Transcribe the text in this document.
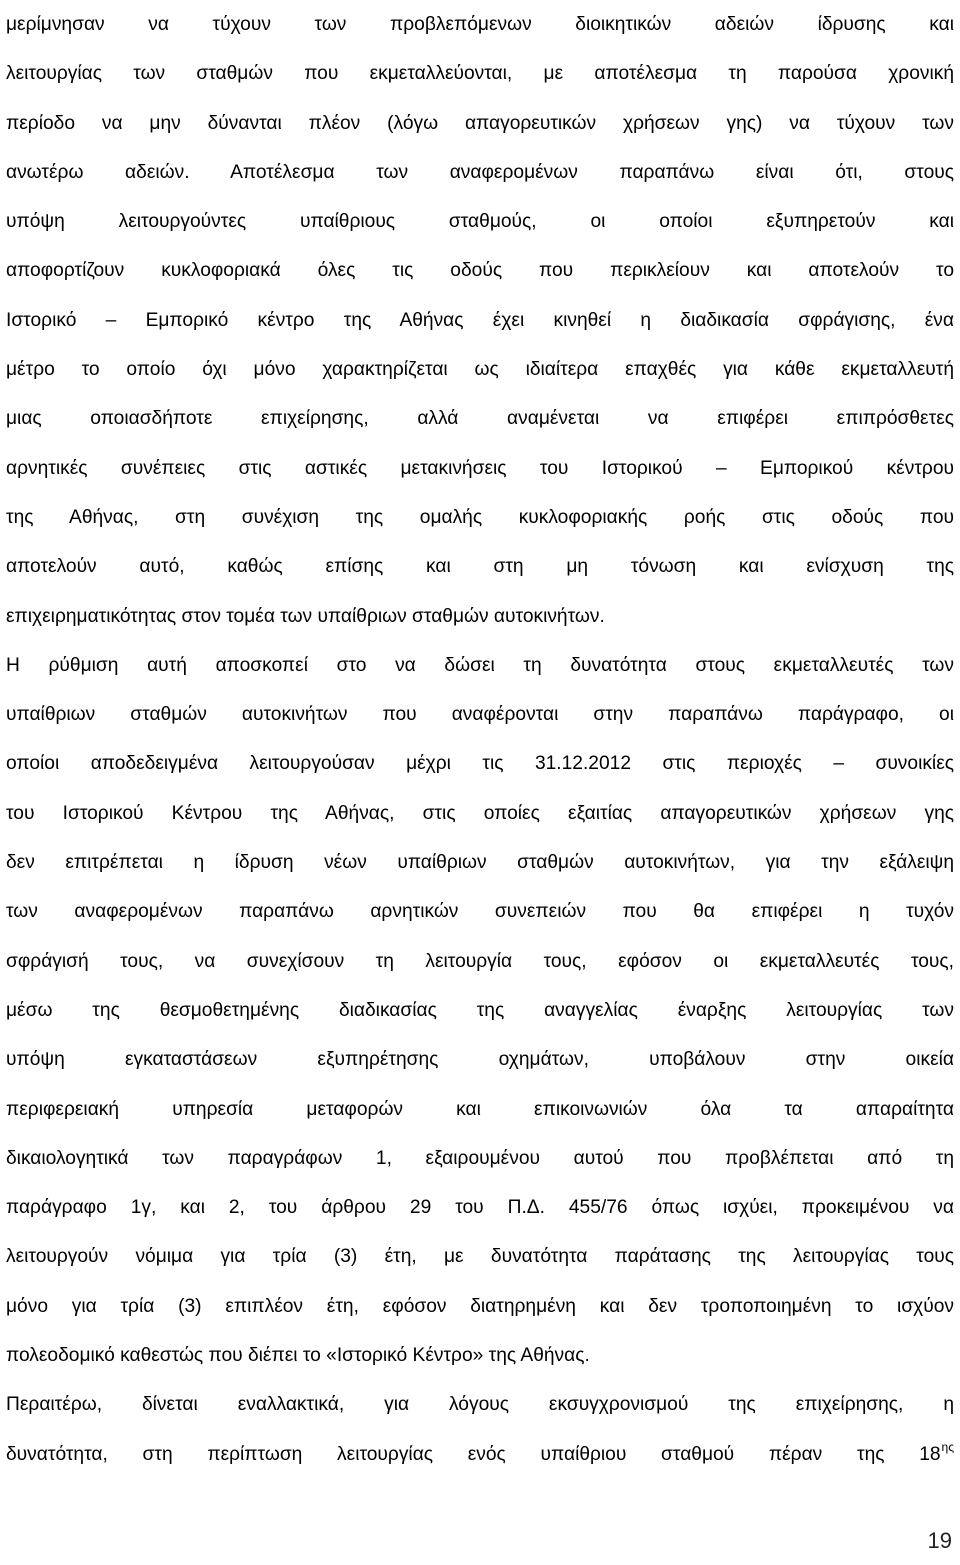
μερίμνησαν να τύχουν των προβλεπόμενων διοικητικών αδειών ίδρυσης και
λειτουργίας των σταθμών που εκμεταλλεύονται, με αποτέλεσμα τη παρούσα χρονική
περίοδο να μην δύνανται πλέον (λόγω απαγορευτικών χρήσεων γης) να τύχουν των
ανωτέρω αδειών. Αποτέλεσμα των αναφερομένων παραπάνω είναι ότι, στους
υπόψη λειτουργούντες υπαίθριους σταθμούς, οι οποίοι εξυπηρετούν και
αποφορτίζουν κυκλοφοριακά όλες τις οδούς που περικλείουν και αποτελούν το
Ιστορικό – Εμπορικό κέντρο της Αθήνας έχει κινηθεί η διαδικασία σφράγισης, ένα
μέτρο το οποίο όχι μόνο χαρακτηρίζεται ως ιδιαίτερα επαχθές για κάθε εκμεταλλευτή
μιας οποιασδήποτε επιχείρησης, αλλά αναμένεται να επιφέρει επιπρόσθετες
αρνητικές συνέπειες στις αστικές μετακινήσεις του Ιστορικού – Εμπορικού κέντρου
της Αθήνας, στη συνέχιση της ομαλής κυκλοφοριακής ροής στις οδούς που
αποτελούν αυτό, καθώς επίσης και στη μη τόνωση και ενίσχυση της
επιχειρηματικότητας στον τομέα των υπαίθριων σταθμών αυτοκινήτων.
Η ρύθμιση αυτή αποσκοπεί στο να δώσει τη δυνατότητα στους εκμεταλλευτές των
υπαίθριων σταθμών αυτοκινήτων που αναφέρονται στην παραπάνω παράγραφο, οι
οποίοι αποδεδειγμένα λειτουργούσαν μέχρι τις 31.12.2012 στις περιοχές – συνοικίες
του Ιστορικού Κέντρου της Αθήνας, στις οποίες εξαιτίας απαγορευτικών χρήσεων γης
δεν επιτρέπεται η ίδρυση νέων υπαίθριων σταθμών αυτοκινήτων, για την εξάλειψη
των αναφερομένων παραπάνω αρνητικών συνεπειών που θα επιφέρει η τυχόν
σφράγισή τους, να συνεχίσουν τη λειτουργία τους, εφόσον οι εκμεταλλευτές τους,
μέσω της θεσμοθετημένης διαδικασίας της αναγγελίας έναρξης λειτουργίας των
υπόψη εγκαταστάσεων εξυπηρέτησης οχημάτων, υποβάλουν στην οικεία
περιφερειακή υπηρεσία μεταφορών και επικοινωνιών όλα τα απαραίτητα
δικαιολογητικά των παραγράφων 1, εξαιρουμένου αυτού που προβλέπεται από τη
παράγραφο 1γ, και 2, του άρθρου 29 του Π.Δ. 455/76 όπως ισχύει, προκειμένου να
λειτουργούν νόμιμα για τρία (3) έτη, με δυνατότητα παράτασης της λειτουργίας τους
μόνο για τρία (3) επιπλέον έτη, εφόσον διατηρημένη και δεν τροποποιημένη το ισχύον
πολεοδομικό καθεστώς που διέπει το «Ιστορικό Κέντρο» της Αθήνας.
Περαιτέρω, δίνεται εναλλακτικά, για λόγους εκσυγχρονισμού της επιχείρησης, η
δυνατότητα, στη περίπτωση λειτουργίας ενός υπαίθριου σταθμού πέραν της $18^{\eta\varsigma}$
19
